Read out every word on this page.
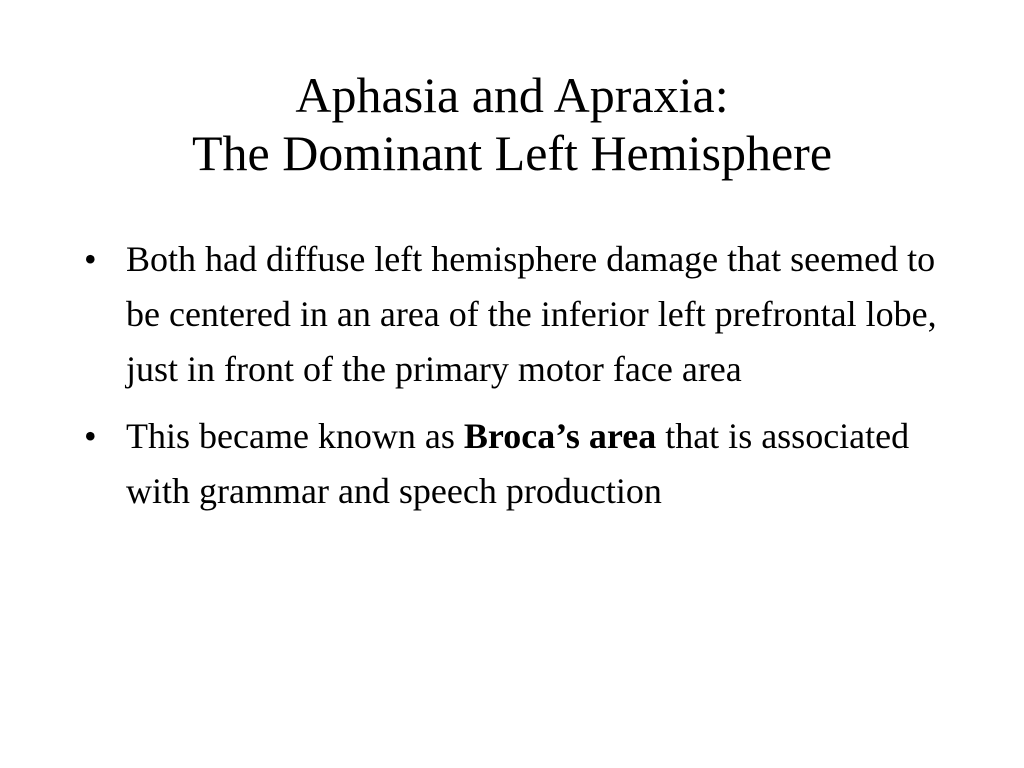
Aphasia and Apraxia:
The Dominant Left Hemisphere
• Both had diffuse left hemisphere damage that seemed to be centered in an area of the inferior left prefrontal lobe, just in front of the primary motor face area
• This became known as Broca’s area that is associated with grammar and speech production
